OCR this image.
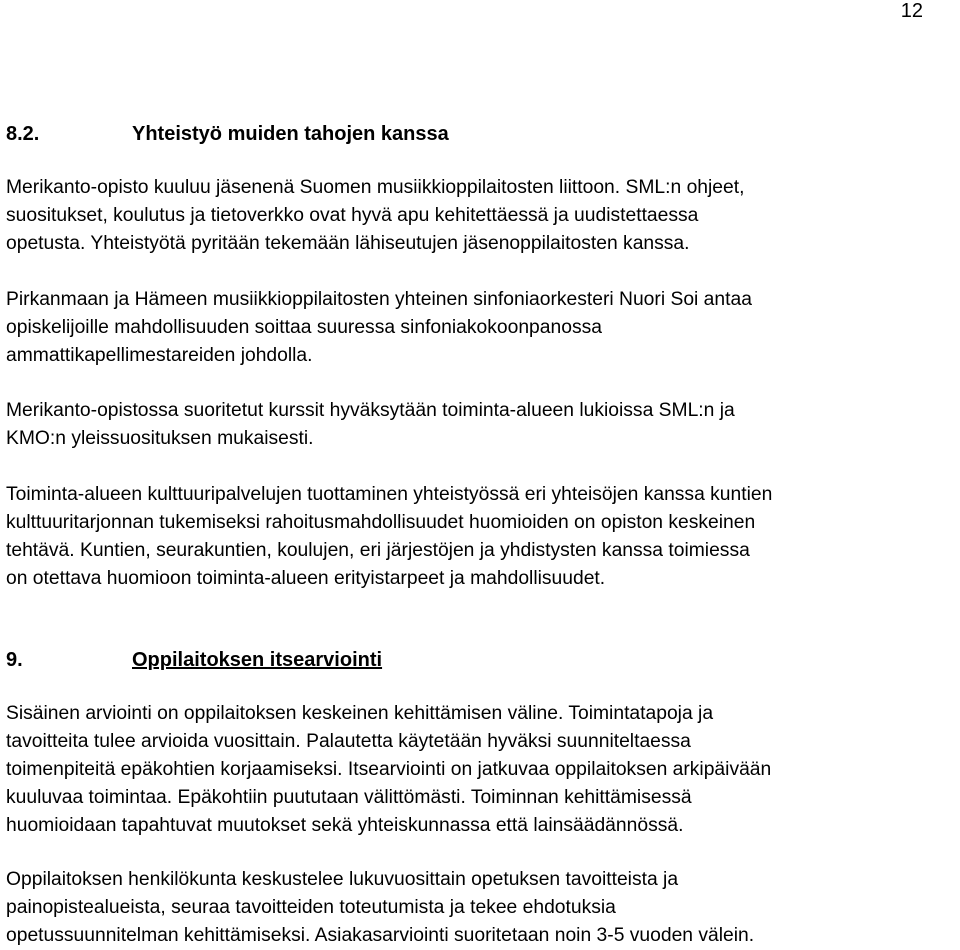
12
8.2.	Yhteistyö muiden tahojen kanssa
Merikanto-opisto kuuluu jäsenenä Suomen musiikkioppilaitosten liittoon. SML:n ohjeet,
suositukset, koulutus ja tietoverkko ovat hyvä apu kehitettäessä ja uudistettaessa
opetusta. Yhteistyötä pyritään tekemään lähiseutujen jäsenoppilaitosten kanssa.
Pirkanmaan ja Hämeen musiikkioppilaitosten yhteinen sinfoniaorkesteri Nuori Soi antaa
opiskelijoille mahdollisuuden soittaa suuressa sinfoniakokoonpanossa
ammattikapellimestareiden johdolla.
Merikanto-opistossa suoritetut kurssit hyväksytään toiminta-alueen lukioissa SML:n ja
KMO:n yleissuosituksen mukaisesti.
Toiminta-alueen kulttuuripalvelujen tuottaminen yhteistyössä eri yhteisöjen kanssa kuntien
kulttuuritarjonnan tukemiseksi rahoitusmahdollisuudet huomioiden on opiston keskeinen
tehtävä. Kuntien, seurakuntien, koulujen, eri järjestöjen ja yhdistysten kanssa toimiessa
on otettava huomioon toiminta-alueen erityistarpeet ja mahdollisuudet.
9.	Oppilaitoksen itsearviointi
Sisäinen arviointi on oppilaitoksen keskeinen kehittämisen väline. Toimintatapoja ja
tavoitteita tulee arvioida vuosittain. Palautetta käytetään hyväksi suunniteltaessa
toimenpiteitä epäkohtien korjaamiseksi. Itsearviointi on jatkuvaa oppilaitoksen arkipäivään
kuuluvaa toimintaa. Epäkohtiin puututaan välittömästi. Toiminnan kehittämisessä
huomioidaan tapahtuvat muutokset sekä yhteiskunnassa että lainsäädännössä.
Oppilaitoksen henkilökunta keskustelee lukuvuosittain opetuksen tavoitteista ja
painopistealueista, seuraa tavoitteiden toteutumista ja tekee ehdotuksia
opetussuunnitelman kehittämiseksi. Asiakasarviointi suoritetaan noin 3-5 vuoden välein.
